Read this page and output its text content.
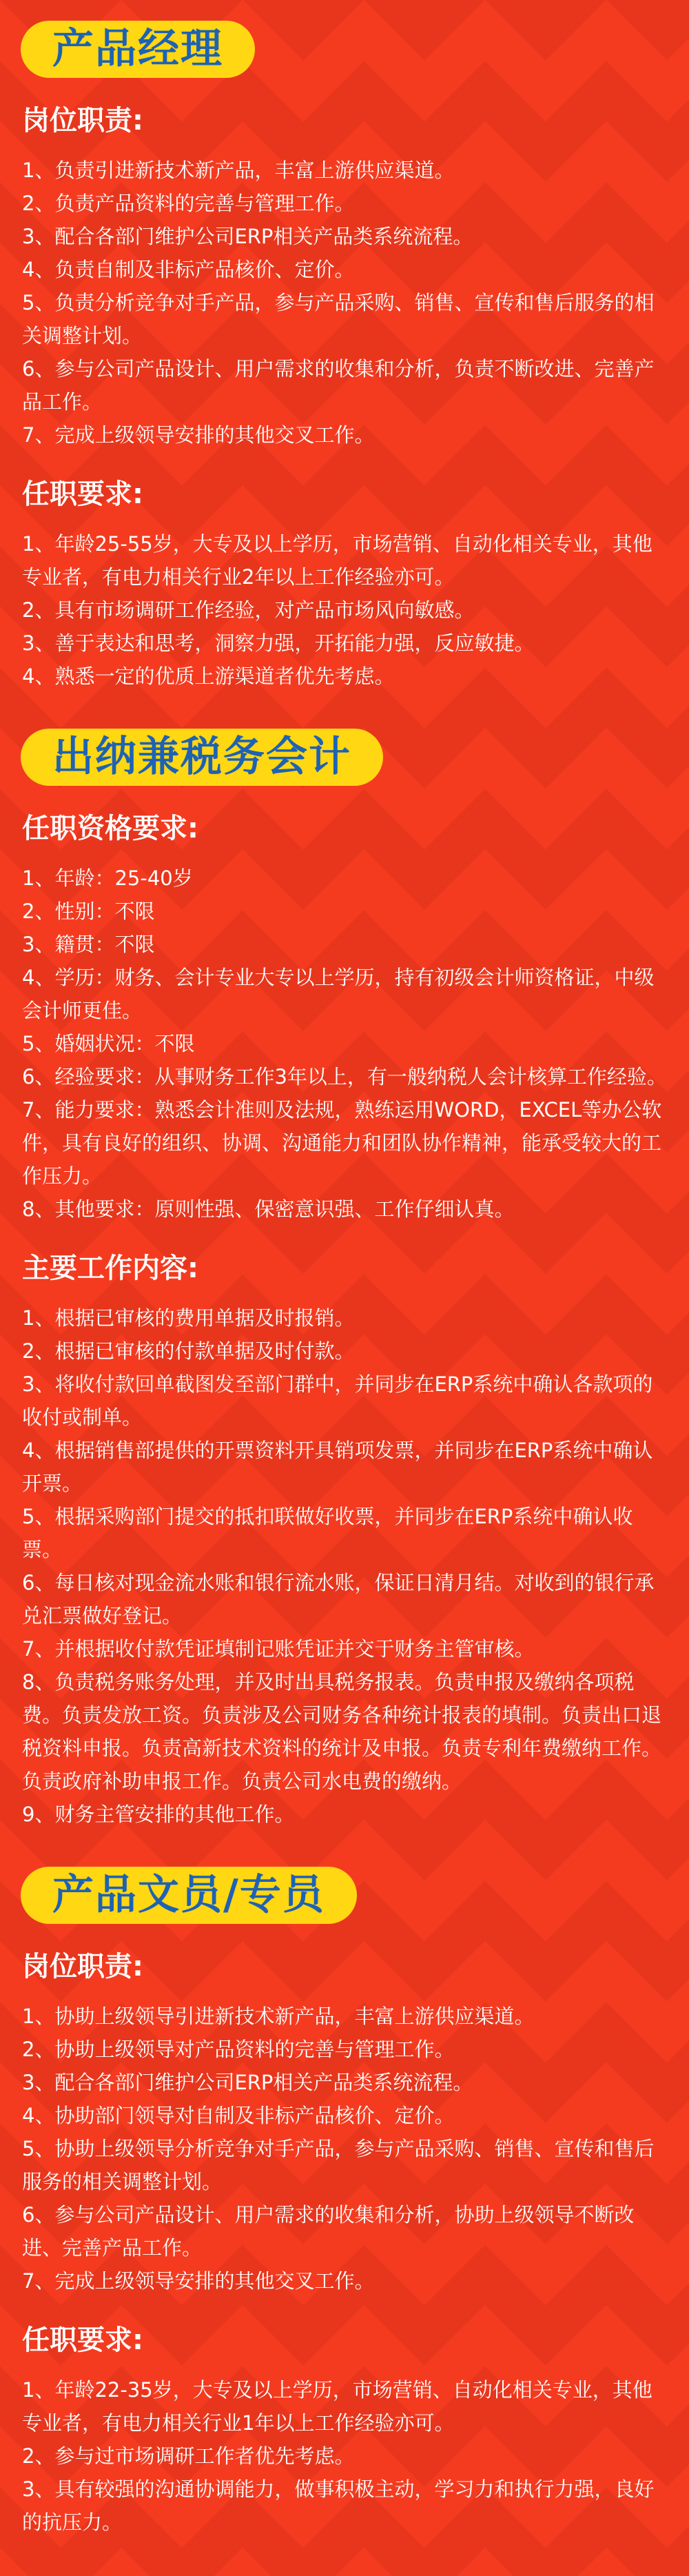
产品经理
岗位职责:
1、负责引进新技术新产品，丰富上游供应渠道。
2、负责产品资料的完善与管理工作。
3、配合各部门维护公司ERP相关产品类系统流程。
4、负责自制及非标产品核价、定价。
5、负责分析竞争对手产品，参与产品采购、销售、宣传和售后服务的相关调整计划。
6、参与公司产品设计、用户需求的收集和分析，负责不断改进、完善产品工作。
7、完成上级领导安排的其他交叉工作。
任职要求:
1、年龄25-55岁，大专及以上学历，市场营销、自动化相关专业，其他专业者，有电力相关行业2年以上工作经验亦可。
2、具有市场调研工作经验，对产品市场风向敏感。
3、善于表达和思考，洞察力强，开拓能力强，反应敏捷。
4、熟悉一定的优质上游渠道者优先考虑。
出纳兼税务会计
任职资格要求:
1、年龄：25-40岁
2、性别：不限
3、籍贯：不限
4、学历：财务、会计专业大专以上学历，持有初级会计师资格证，中级会计师更佳。
5、婚姻状况：不限
6、经验要求：从事财务工作3年以上，有一般纳税人会计核算工作经验。
7、能力要求：熟悉会计准则及法规，熟练运用WORD，EXCEL等办公软件，具有良好的组织、协调、沟通能力和团队协作精神，能承受较大的工作压力。
8、其他要求：原则性强、保密意识强、工作仔细认真。
主要工作内容:
1、根据已审核的费用单据及时报销。
2、根据已审核的付款单据及时付款。
3、将收付款回单截图发至部门群中，并同步在ERP系统中确认各款项的收付或制单。
4、根据销售部提供的开票资料开具销项发票，并同步在ERP系统中确认开票。
5、根据采购部门提交的抵扣联做好收票，并同步在ERP系统中确认收票。
6、每日核对现金流水账和银行流水账，保证日清月结。对收到的银行承兑汇票做好登记。
7、并根据收付款凭证填制记账凭证并交于财务主管审核。
8、负责税务账务处理，并及时出具税务报表。负责申报及缴纳各项税费。负责发放工资。负责涉及公司财务各种统计报表的填制。负责出口退税资料申报。负责高新技术资料的统计及申报。负责专利年费缴纳工作。负责政府补助申报工作。负责公司水电费的缴纳。
9、财务主管安排的其他工作。
产品文员/专员
岗位职责:
1、协助上级领导引进新技术新产品，丰富上游供应渠道。
2、协助上级领导对产品资料的完善与管理工作。
3、配合各部门维护公司ERP相关产品类系统流程。
4、协助部门领导对自制及非标产品核价、定价。
5、协助上级领导分析竞争对手产品，参与产品采购、销售、宣传和售后服务的相关调整计划。
6、参与公司产品设计、用户需求的收集和分析，协助上级领导不断改进、完善产品工作。
7、完成上级领导安排的其他交叉工作。
任职要求:
1、年龄22-35岁，大专及以上学历，市场营销、自动化相关专业，其他专业者，有电力相关行业1年以上工作经验亦可。
2、参与过市场调研工作者优先考虑。
3、具有较强的沟通协调能力，做事积极主动，学习力和执行力强，良好的抗压力。
